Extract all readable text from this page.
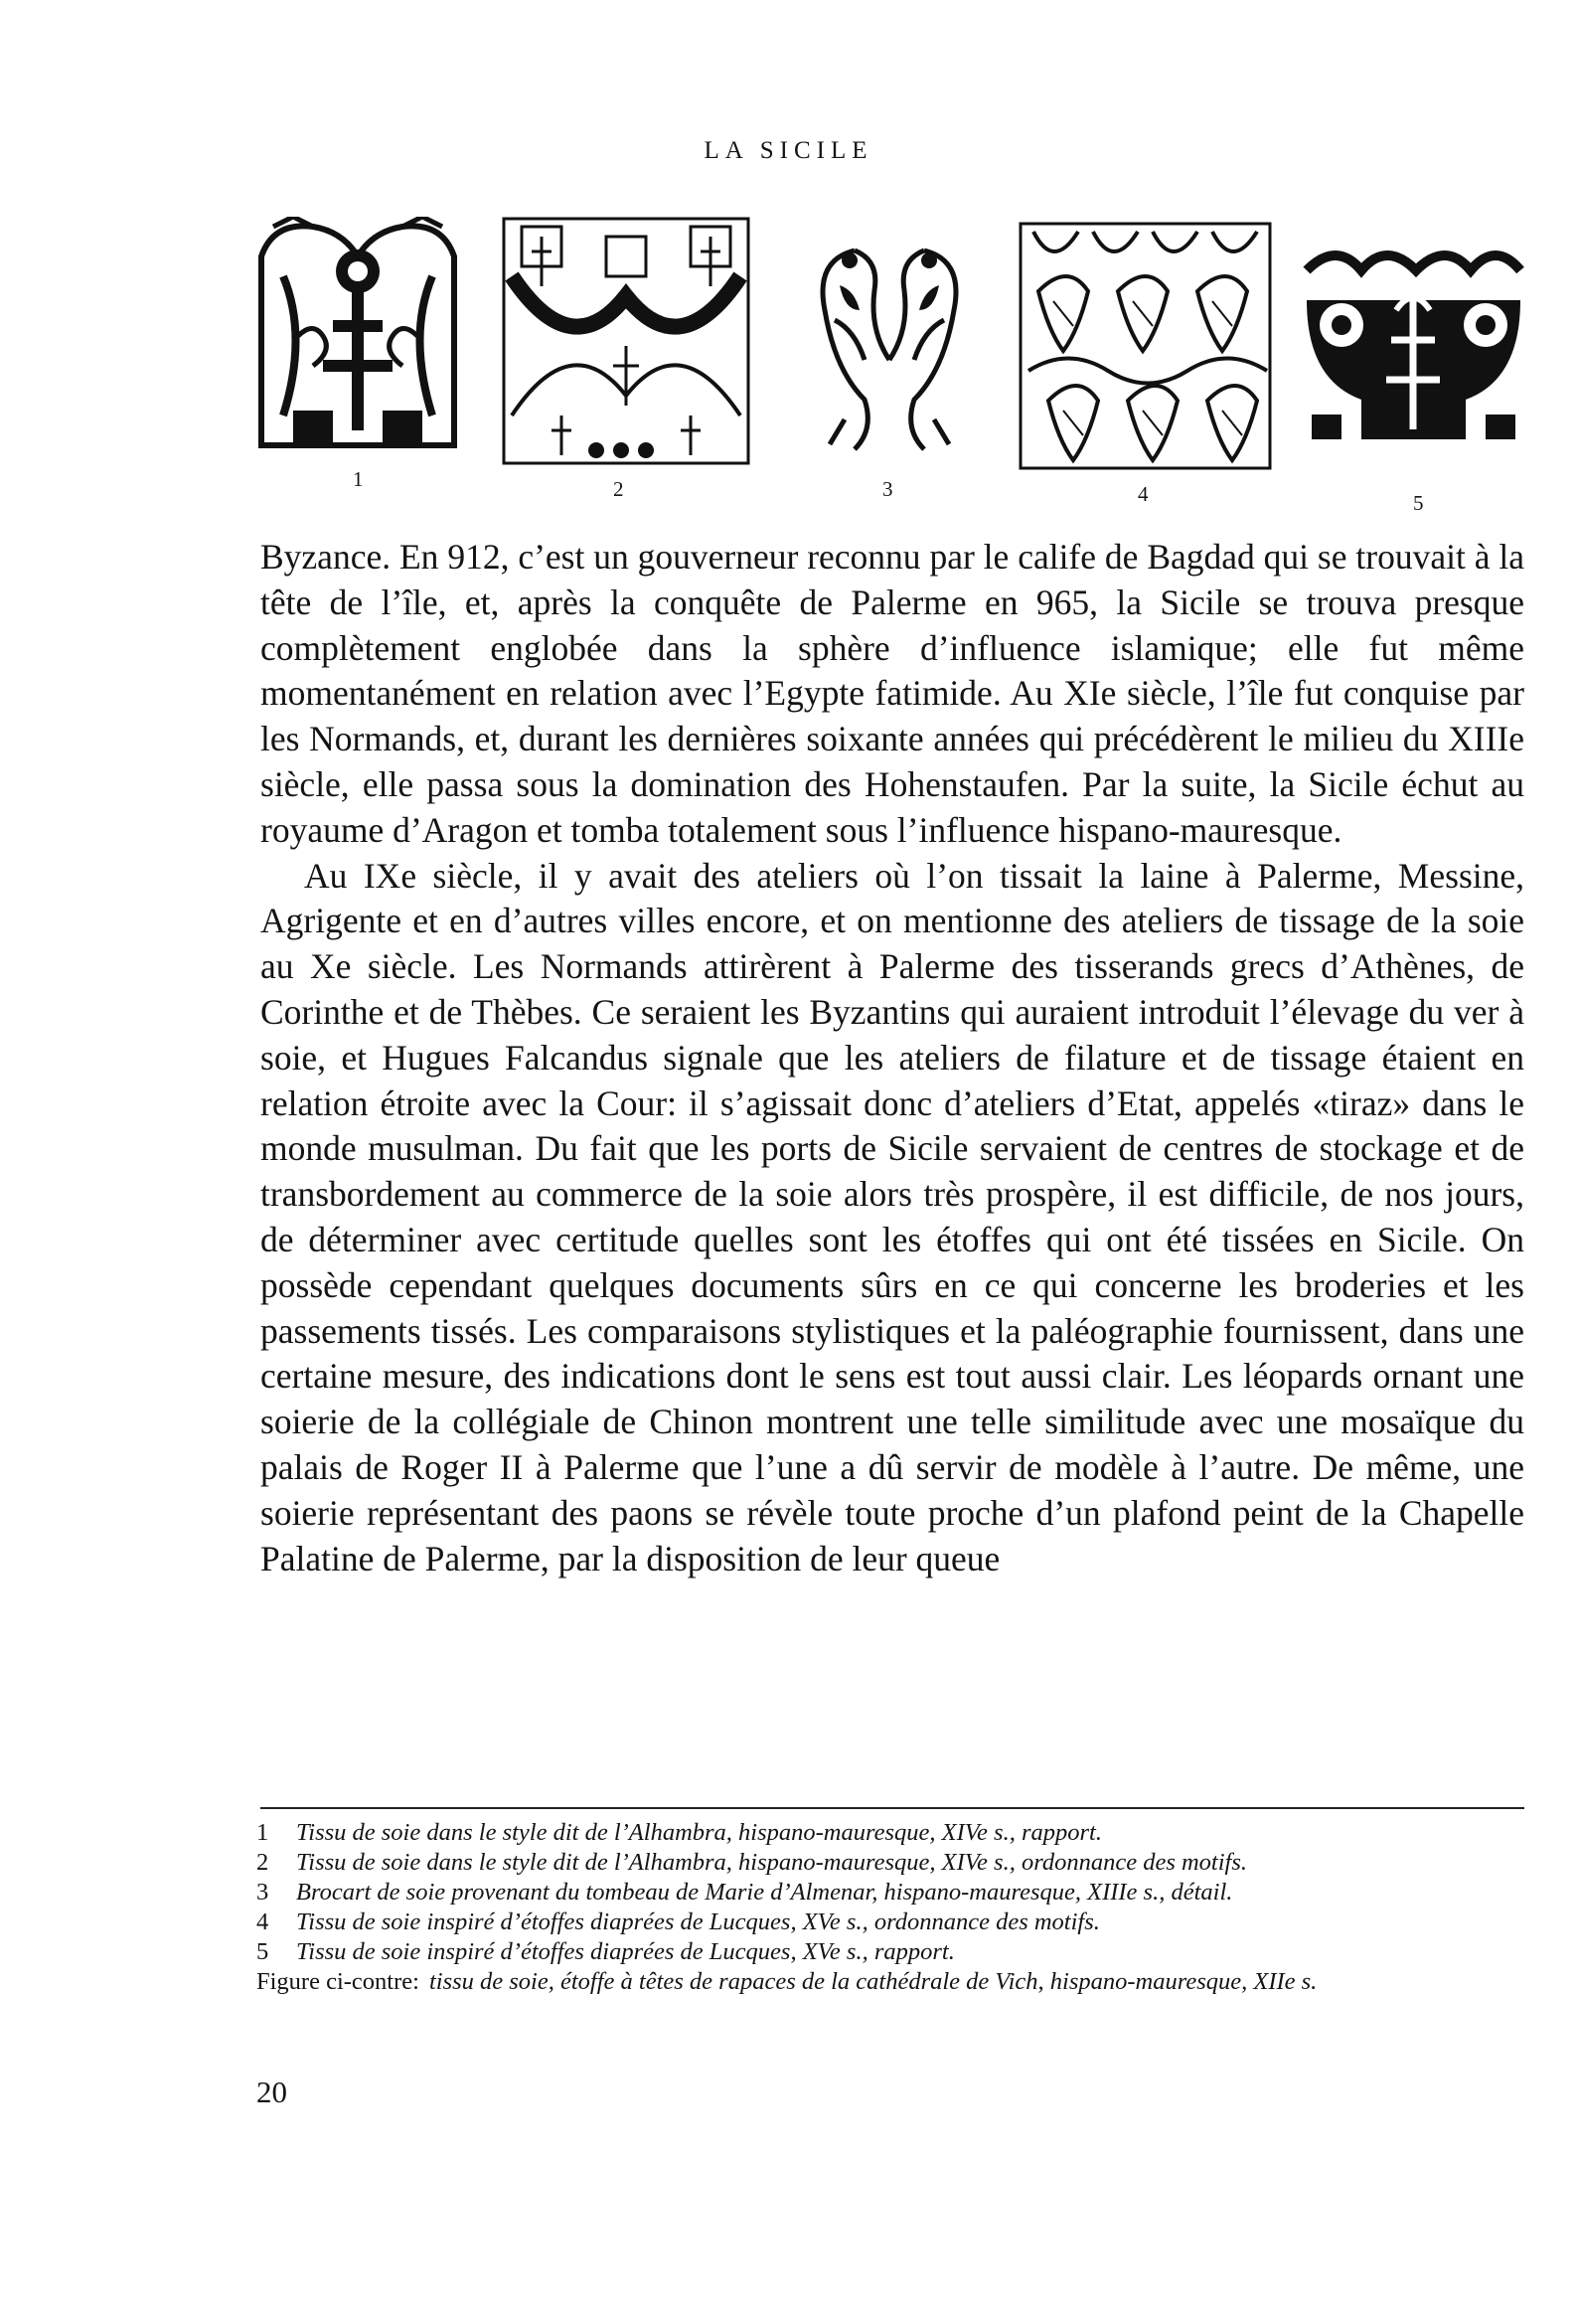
LA SICILE
1	2	3	4	5

Byzance. En 912, c’est un gouverneur reconnu par le calife de Bagdad qui se trouvait à la tête de l’île, et, après la conquête de Palerme en 965, la Sicile se trouva presque complètement englobée dans la sphère d’influence islamique; elle fut même momentanément en relation avec l’Egypte fatimide. Au XIe siècle, l’île fut conquise par les Normands, et, durant les dernières soixante années qui précédèrent le milieu du XIIIe siècle, elle passa sous la domination des Hohenstaufen. Par la suite, la Sicile échut au royaume d’Aragon et tomba totalement sous l’influence hispano-mauresque.

Au IXe siècle, il y avait des ateliers où l’on tissait la laine à Palerme, Messine, Agrigente et en d’autres villes encore, et on mentionne des ateliers de tissage de la soie au Xe siècle. Les Normands attirèrent à Palerme des tisserands grecs d’Athènes, de Corinthe et de Thèbes. Ce seraient les Byzantins qui auraient introduit l’élevage du ver à soie, et Hugues Falcandus signale que les ateliers de filature et de tissage étaient en relation étroite avec la Cour: il s’agissait donc d’ateliers d’Etat, appelés «tiraz» dans le monde musulman. Du fait que les ports de Sicile servaient de centres de stockage et de transbordement au commerce de la soie alors très prospère, il est difficile, de nos jours, de déterminer avec certitude quelles sont les étoffes qui ont été tissées en Sicile. On possède cependant quelques documents sûrs en ce qui concerne les broderies et les passements tissés. Les comparaisons stylistiques et la paléographie fournissent, dans une certaine mesure, des indications dont le sens est tout aussi clair. Les léopards ornant une soierie de la collégiale de Chinon montrent une telle similitude avec une mosaïque du palais de Roger II à Palerme que l’une a dû servir de modèle à l’autre. De même, une soierie représentant des paons se révèle toute proche d’un plafond peint de la Chapelle Palatine de Palerme, par la disposition de leur queue

1	Tissu de soie dans le style dit de l’Alhambra, hispano-mauresque, XIVe s., rapport.
2	Tissu de soie dans le style dit de l’Alhambra, hispano-mauresque, XIVe s., ordonnance des motifs.
3	Brocart de soie provenant du tombeau de Marie d’Almenar, hispano-mauresque, XIIIe s., détail.
4	Tissu de soie inspiré d’étoffes diaprées de Lucques, XVe s., ordonnance des motifs.
5	Tissu de soie inspiré d’étoffes diaprées de Lucques, XVe s., rapport.
Figure ci-contre: tissu de soie, étoffe à têtes de rapaces de la cathédrale de Vich, hispano-mauresque, XIIe s.
20
